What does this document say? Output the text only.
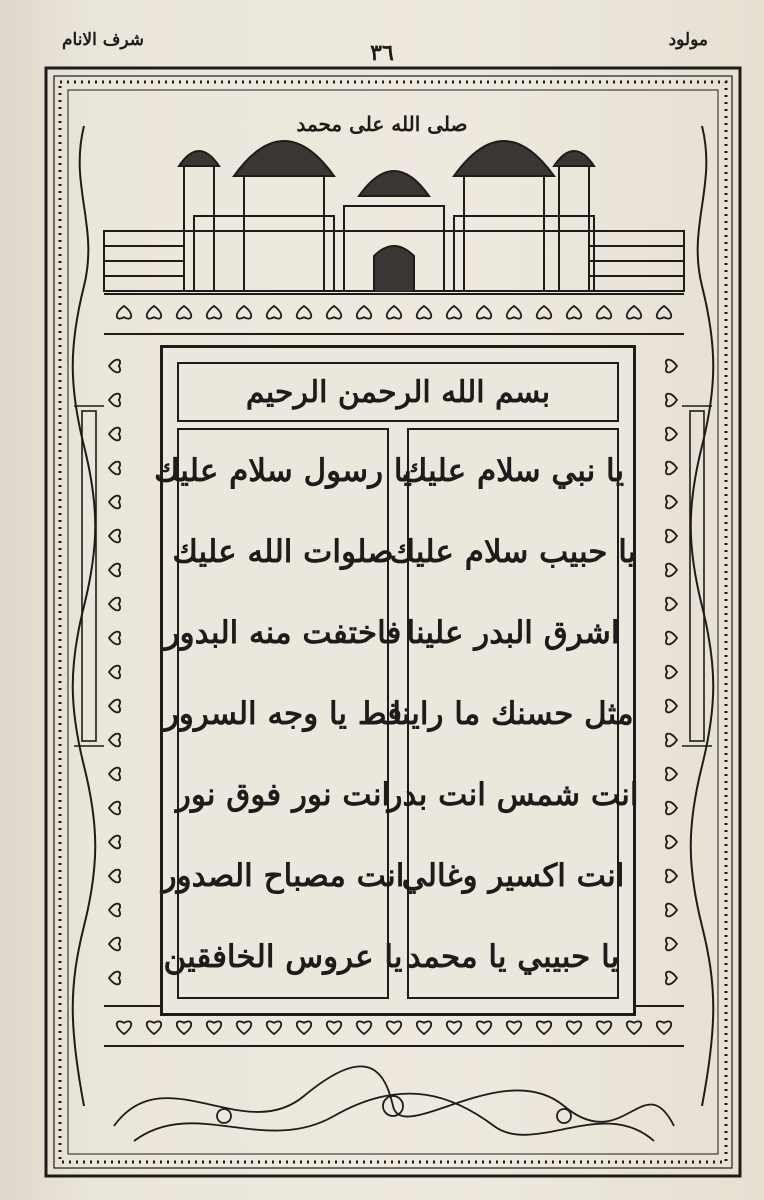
شرف الانام	٣٦	مولود
صلى الله على محمد
بسم الله الرحمن الرحيم
يا نبي سلام عليك
يا حبيب سلام عليك
اشرق البدر علينا
مثل حسنك ما راينا
انت شمس انت بدر
انت اكسير وغالي
يا حبيبي يا محمد
يا رسول سلام عليك
صلوات الله عليك
فاختفت منه البدور
قط يا وجه السرور
انت نور فوق نور
انت مصباح الصدور
يا عروس الخافقين
